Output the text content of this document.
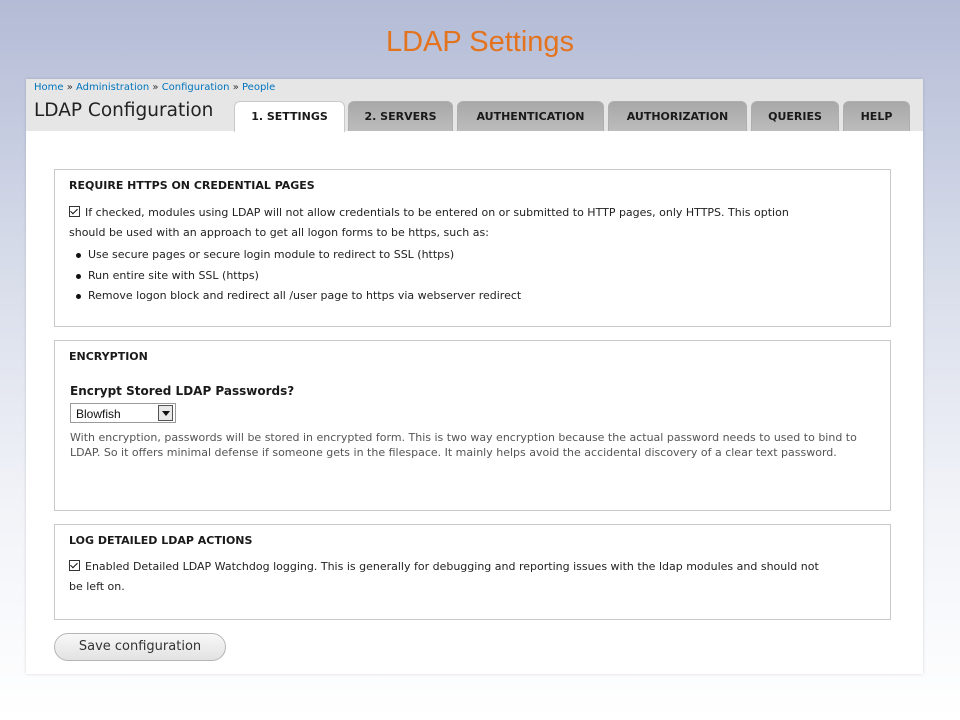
LDAP Settings
Home » Administration » Configuration » People
LDAP Configuration	1. SETTINGS	2. SERVERS	AUTHENTICATION	AUTHORIZATION	QUERIES	HELP
REQUIRE HTTPS ON CREDENTIAL PAGES
If checked, modules using LDAP will not allow credentials to be entered on or submitted to HTTP pages, only HTTPS. This option
should be used with an approach to get all logon forms to be https, such as:
Use secure pages or secure login module to redirect to SSL (https)
Run entire site with SSL (https)
Remove logon block and redirect all /user page to https via webserver redirect
ENCRYPTION
Encrypt Stored LDAP Passwords?
Blowfish
With encryption, passwords will be stored in encrypted form. This is two way encryption because the actual password needs to used to bind to LDAP. So it offers minimal defense if someone gets in the filespace. It mainly helps avoid the accidental discovery of a clear text password.
LOG DETAILED LDAP ACTIONS
Enabled Detailed LDAP Watchdog logging. This is generally for debugging and reporting issues with the ldap modules and should not
be left on.
Save configuration
